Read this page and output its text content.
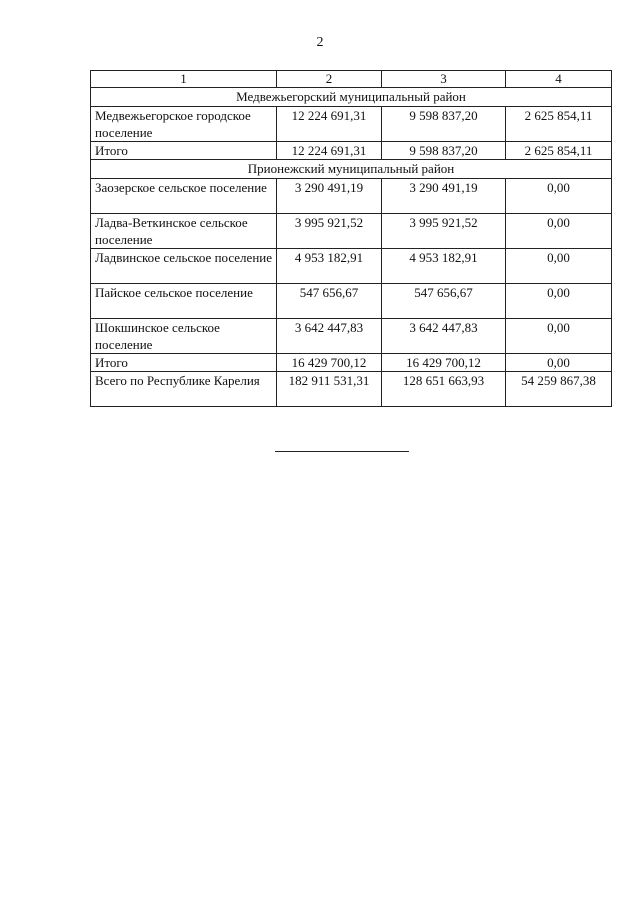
2
1	2	3	4
Медвежьегорский муниципальный район			
Медвежьегорское городское поселение	12 224 691,31	9 598 837,20	2 625 854,11
Итого	12 224 691,31	9 598 837,20	2 625 854,11
Прионежский муниципальный район			
Заозерское сельское поселение	3 290 491,19	3 290 491,19	0,00
Ладва-Веткинское сельское поселение	3 995 921,52	3 995 921,52	0,00
Ладвинское сельское поселение	4 953 182,91	4 953 182,91	0,00
Пайское сельское поселение	547 656,67	547 656,67	0,00
Шокшинское сельское поселение	3 642 447,83	3 642 447,83	0,00
Итого	16 429 700,12	16 429 700,12	0,00
Всего по Республике Карелия	182 911 531,31	128 651 663,93	54 259 867,38
